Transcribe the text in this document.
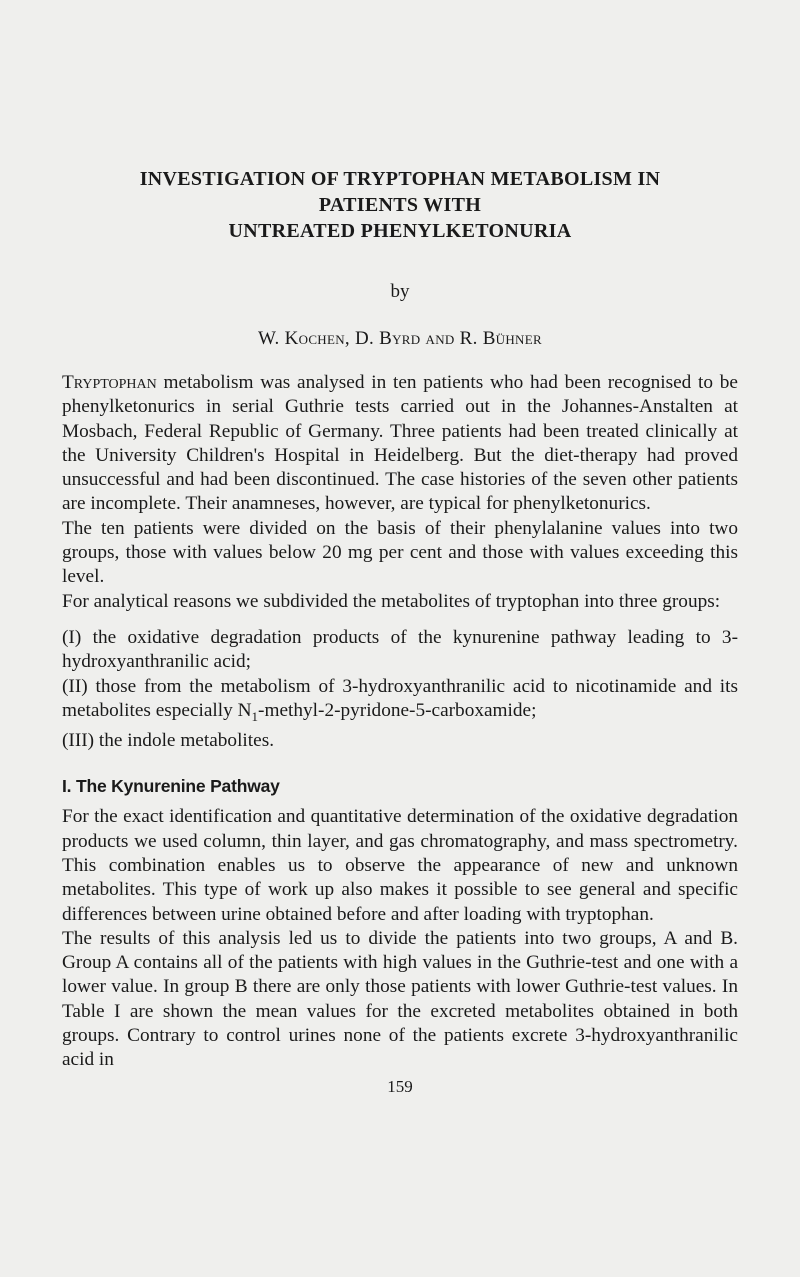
INVESTIGATION OF TRYPTOPHAN METABOLISM IN
PATIENTS WITH
UNTREATED PHENYLKETONURIA
by
W. Kochen, D. Byrd and R. Bühner

Tryptophan metabolism was analysed in ten patients who had been recognised to be phenylketonurics in serial Guthrie tests carried out in the Johannes-Anstalten at Mosbach, Federal Republic of Germany. Three patients had been treated clinically at the University Children's Hospital in Heidelberg. But the diet-therapy had proved unsuccessful and had been discontinued. The case histories of the seven other patients are incomplete. Their anamneses, however, are typical for phenylketonurics.

The ten patients were divided on the basis of their phenylalanine values into two groups, those with values below 20 mg per cent and those with values exceeding this level.

For analytical reasons we subdivided the metabolites of tryptophan into three groups:

(I) the oxidative degradation products of the kynurenine pathway leading to 3-hydroxyanthranilic acid;

(II) those from the metabolism of 3-hydroxyanthranilic acid to nicotinamide and its metabolites especially $N_1-methyl-2-pyridone-5$-carboxamide;

(III) the indole metabolites.

I. The Kynurenine Pathway

For the exact identification and quantitative determination of the oxidative degradation products we used column, thin layer, and gas chromatography, and mass spectrometry. This combination enables us to observe the appearance of new and unknown metabolites. This type of work up also makes it possible to see general and specific differences between urine obtained before and after loading with tryptophan.

The results of this analysis led us to divide the patients into two groups, A and B. Group A contains all of the patients with high values in the Guthrie-test and one with a lower value. In group B there are only those patients with lower Guthrie-test values. In Table I are shown the mean values for the excreted metabolites obtained in both groups. Contrary to control urines none of the patients excrete 3-hydroxyanthranilic acid in

159
